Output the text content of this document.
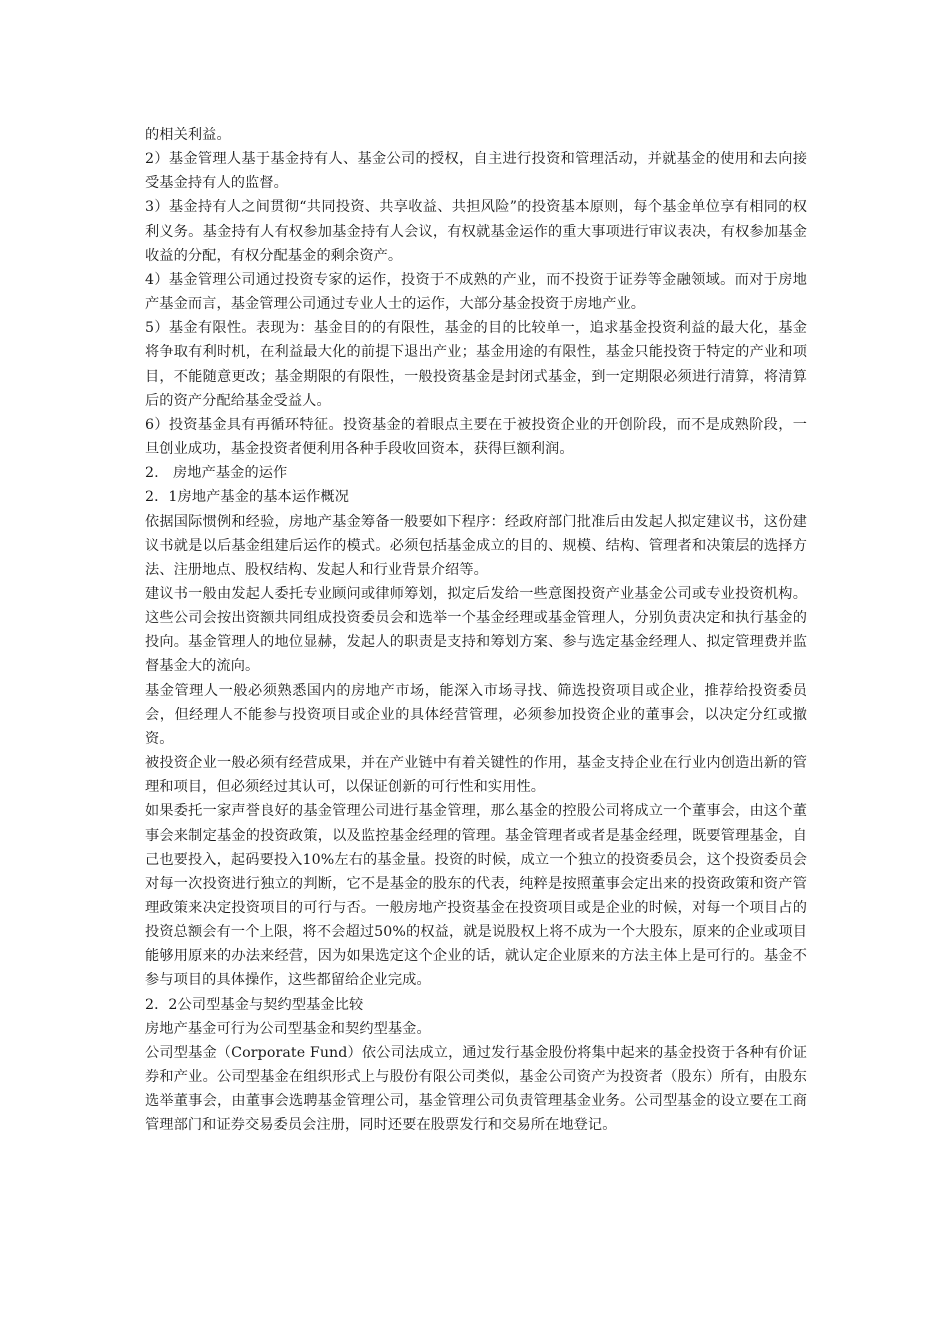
的相关利益。

2）基金管理人基于基金持有人、基金公司的授权，自主进行投资和管理活动，并就基金的使用和去向接受基金持有人的监督。

3）基金持有人之间贯彻“共同投资、共享收益、共担风险”的投资基本原则，每个基金单位享有相同的权利义务。基金持有人有权参加基金持有人会议，有权就基金运作的重大事项进行审议表决，有权参加基金收益的分配，有权分配基金的剩余资产。

4）基金管理公司通过投资专家的运作，投资于不成熟的产业，而不投资于证券等金融领域。而对于房地产基金而言，基金管理公司通过专业人士的运作，大部分基金投资于房地产业。

5）基金有限性。表现为：基金目的的有限性，基金的目的比较单一，追求基金投资利益的最大化，基金将争取有利时机，在利益最大化的前提下退出产业；基金用途的有限性，基金只能投资于特定的产业和项目，不能随意更改；基金期限的有限性，一般投资基金是封闭式基金，到一定期限必须进行清算，将清算后的资产分配给基金受益人。

6）投资基金具有再循环特征。投资基金的着眼点主要在于被投资企业的开创阶段，而不是成熟阶段，一旦创业成功，基金投资者便利用各种手段收回资本，获得巨额利润。

2.　房地产基金的运作

2．1房地产基金的基本运作概况

依据国际惯例和经验，房地产基金筹备一般要如下程序：经政府部门批准后由发起人拟定建议书，这份建议书就是以后基金组建后运作的模式。必须包括基金成立的目的、规模、结构、管理者和决策层的选择方法、注册地点、股权结构、发起人和行业背景介绍等。

建议书一般由发起人委托专业顾问或律师筹划，拟定后发给一些意图投资产业基金公司或专业投资机构。这些公司会按出资额共同组成投资委员会和选举一个基金经理或基金管理人，分别负责决定和执行基金的投向。基金管理人的地位显赫，发起人的职责是支持和筹划方案、参与选定基金经理人、拟定管理费并监督基金大的流向。

基金管理人一般必须熟悉国内的房地产市场，能深入市场寻找、筛选投资项目或企业，推荐给投资委员会，但经理人不能参与投资项目或企业的具体经营管理，必须参加投资企业的董事会，以决定分红或撤资。

被投资企业一般必须有经营成果，并在产业链中有着关键性的作用，基金支持企业在行业内创造出新的管理和项目，但必须经过其认可，以保证创新的可行性和实用性。

如果委托一家声誉良好的基金管理公司进行基金管理，那么基金的控股公司将成立一个董事会，由这个董事会来制定基金的投资政策，以及监控基金经理的管理。基金管理者或者是基金经理，既要管理基金，自己也要投入，起码要投入10%左右的基金量。投资的时候，成立一个独立的投资委员会，这个投资委员会对每一次投资进行独立的判断，它不是基金的股东的代表，纯粹是按照董事会定出来的投资政策和资产管理政策来决定投资项目的可行与否。一般房地产投资基金在投资项目或是企业的时候，对每一个项目占的投资总额会有一个上限，将不会超过50%的权益，就是说股权上将不成为一个大股东，原来的企业或项目能够用原来的办法来经营，因为如果选定这个企业的话，就认定企业原来的方法主体上是可行的。基金不参与项目的具体操作，这些都留给企业完成。

2．2公司型基金与契约型基金比较

房地产基金可行为公司型基金和契约型基金。

公司型基金（Corporate Fund）依公司法成立，通过发行基金股份将集中起来的基金投资于各种有价证券和产业。公司型基金在组织形式上与股份有限公司类似，基金公司资产为投资者（股东）所有，由股东选举董事会，由董事会选聘基金管理公司，基金管理公司负责管理基金业务。公司型基金的设立要在工商管理部门和证券交易委员会注册，同时还要在股票发行和交易所在地登记。
